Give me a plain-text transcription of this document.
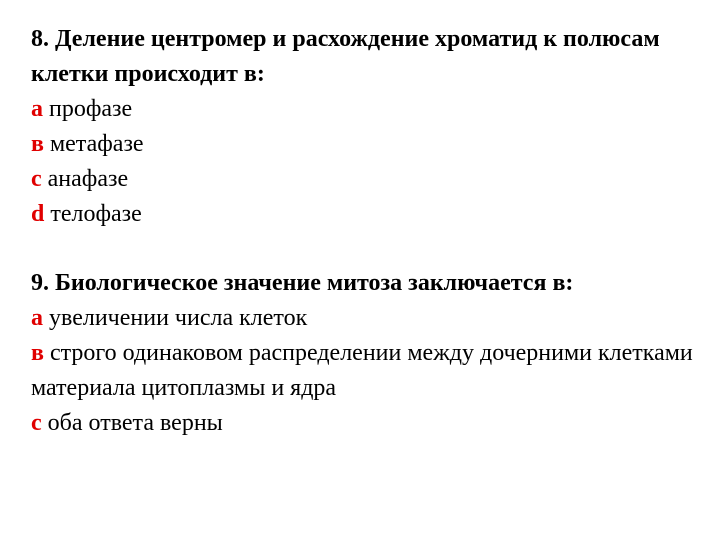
8. Деление центромер и расхождение хроматид к полюсам клетки происходит в:

а профазе

в метафазе

с анафазе

d телофазе

9. Биологическое значение митоза заключается в:

а увеличении числа клеток

в строго одинаковом распределении между дочерними клетками материала цитоплазмы и ядра

с оба ответа верны
